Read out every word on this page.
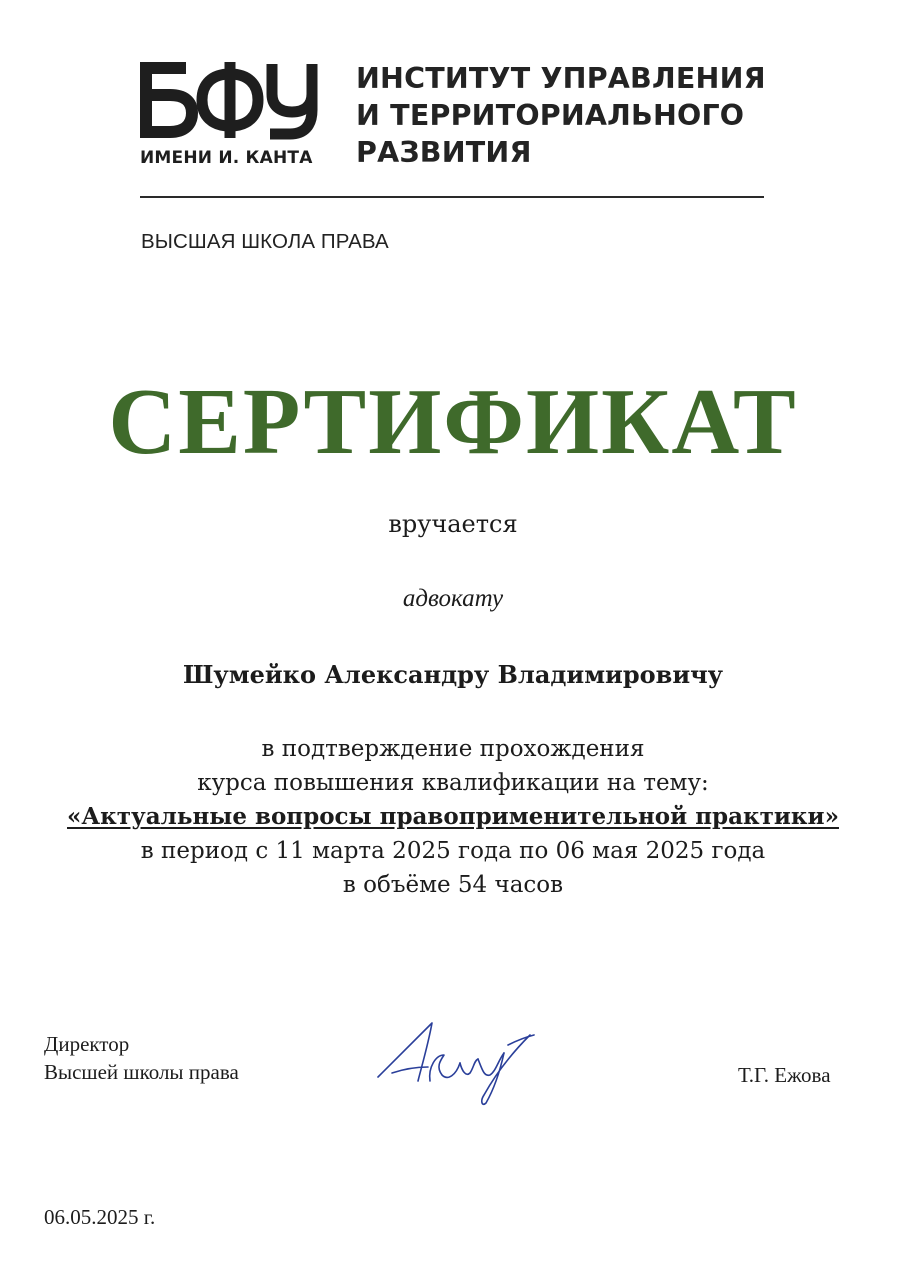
ИМЕНИ И. КАНТА
ИНСТИТУТ УПРАВЛЕНИЯ
И ТЕРРИТОРИАЛЬНОГО
РАЗВИТИЯ
ВЫСШАЯ ШКОЛА ПРАВА
СЕРТИФИКАТ
вручается
адвокату
Шумейко Александру Владимировичу
в подтверждение прохождения
курса повышения квалификации на тему:
«Актуальные вопросы правоприменительной практики»
в период с 11 марта 2025 года по 06 мая 2025 года
в объёме 54 часов
Директор
Высшей школы права	Т.Г. Ежова
06.05.2025 г.
